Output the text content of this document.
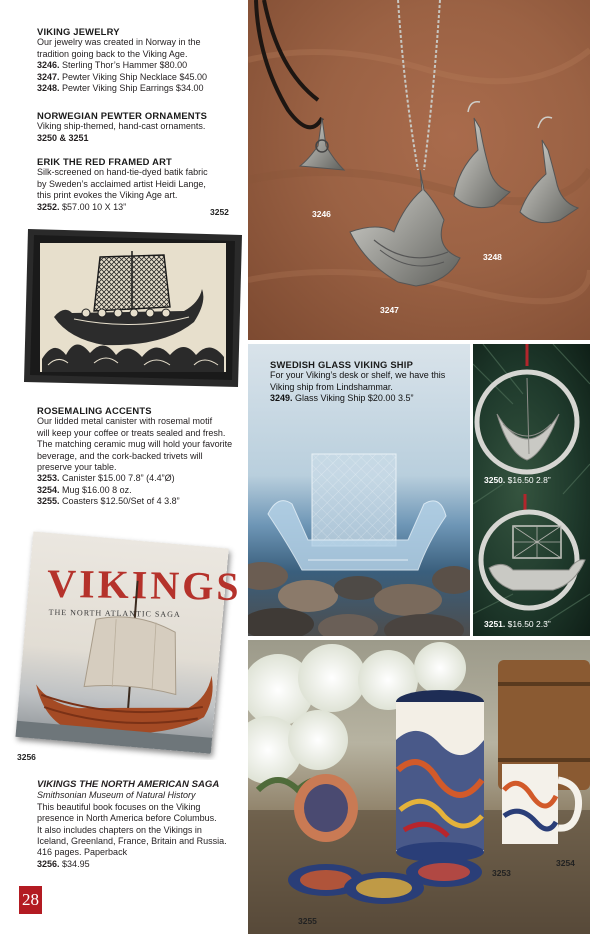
VIKING JEWELRY
Our jewelry was created in Norway in the
tradition going back to the Viking Age.
3246. Sterling Thor’s Hammer $80.00
3247. Pewter Viking Ship Necklace $45.00
3248. Pewter Viking Ship Earrings $34.00
NORWEGIAN PEWTER ORNAMENTS
Viking ship-themed, hand-cast ornaments.
3250 & 3251
ERIK THE RED FRAMED ART
Silk-screened on hand-tie-dyed batik fabric
by Sweden’s acclaimed artist Heidi Lange,
this print evokes the Viking Age art.
3252. $57.00 10 X 13”
3252
ROSEMALING ACCENTS
Our lidded metal canister with rosemal motif
will keep your coffee or treats sealed and fresh.
The matching ceramic mug will hold your favorite
beverage, and the cork-backed trivets will
preserve your table.
3253. Canister $15.00 7.8” (4.4”Ø)
3254. Mug $16.00 8 oz.
3255. Coasters $12.50/Set of 4 3.8”
VIKINGS
THE NORTH ATLANTIC SAGA
3256
VIKINGS THE NORTH AMERICAN SAGA
Smithsonian Museum of Natural History
This beautiful book focuses on the Viking
presence in North America before Columbus.
It also includes chapters on the Vikings in
Iceland, Greenland, France, Britain and Russia.
416 pages. Paperback
3256. $34.95
28
3246
3248
3247
SWEDISH GLASS VIKING SHIP
For your Viking’s desk or shelf, we have this
Viking ship from Lindshammar.
3249. Glass Viking Ship $20.00 3.5”
3250. $16.50 2.8”
3251. $16.50 2.3”
3254
3253
3255
